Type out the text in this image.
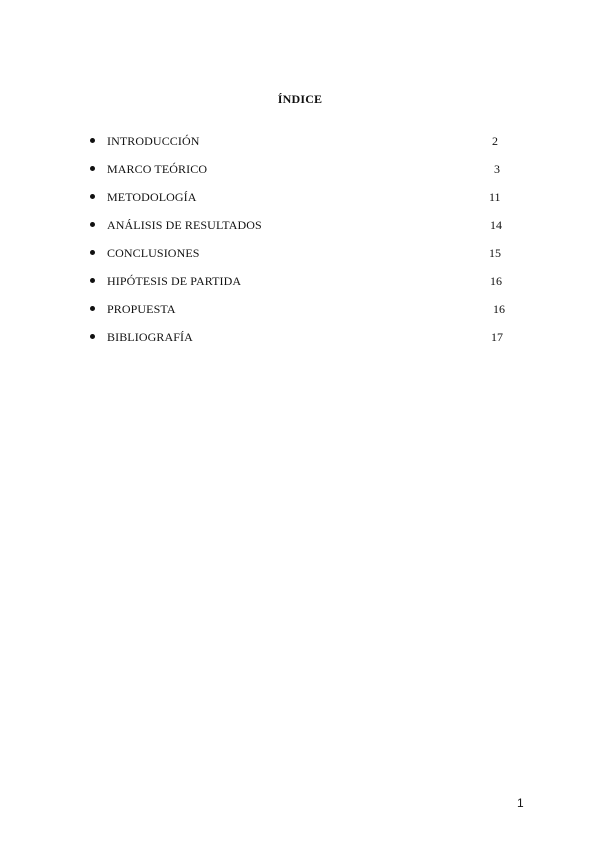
ÍNDICE
INTRODUCCIÓN	2
MARCO TEÓRICO	3
METODOLOGÍA	11
ANÁLISIS DE RESULTADOS	14
CONCLUSIONES	15
HIPÓTESIS DE PARTIDA	16
PROPUESTA	16
BIBLIOGRAFÍA	17
1
